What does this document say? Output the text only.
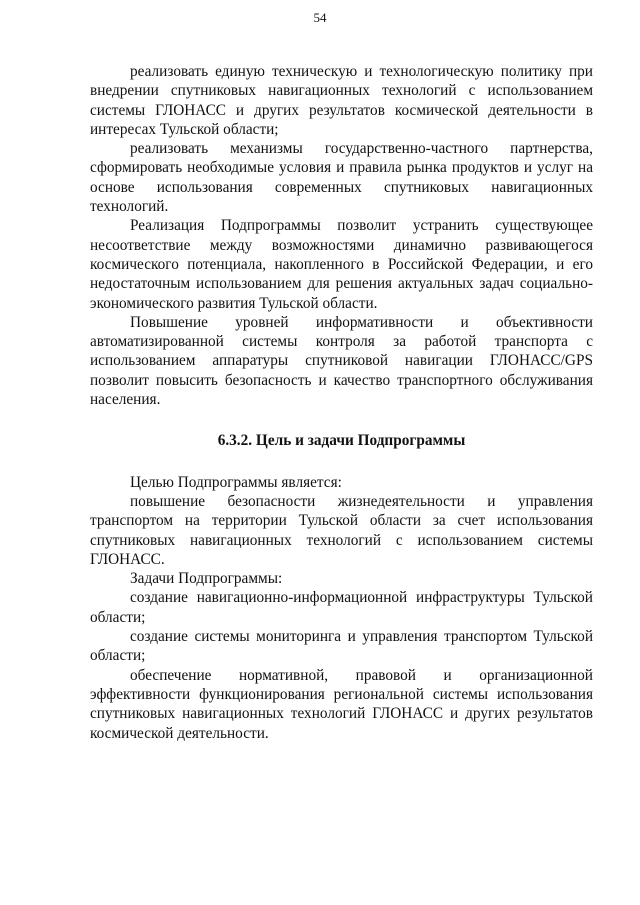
54

реализовать единую техническую и технологическую политику при внедрении спутниковых навигационных технологий с использованием системы ГЛОНАСС и других результатов космической деятельности в интересах Тульской области;

реализовать механизмы государственно-частного партнерства, сформировать необходимые условия и правила рынка продуктов и услуг на основе использования современных спутниковых навигационных технологий.

Реализация Подпрограммы позволит устранить существующее несоответствие между возможностями динамично развивающегося космического потенциала, накопленного в Российской Федерации, и его недостаточным использованием для решения актуальных задач социально-экономического развития Тульской области.

Повышение уровней информативности и объективности автоматизированной системы контроля за работой транспорта с использованием аппаратуры спутниковой навигации ГЛОНАСС/GPS позволит повысить безопасность и качество транспортного обслуживания населения.

6.3.2. Цель и задачи Подпрограммы

Целью Подпрограммы является:

повышение безопасности жизнедеятельности и управления транспортом на территории Тульской области за счет использования спутниковых навигационных технологий с использованием системы ГЛОНАСС.

Задачи Подпрограммы:

создание навигационно-информационной инфраструктуры Тульской области;

создание системы мониторинга и управления транспортом Тульской области;

обеспечение нормативной, правовой и организационной эффективности функционирования региональной системы использования спутниковых навигационных технологий ГЛОНАСС и других результатов космической деятельности.
